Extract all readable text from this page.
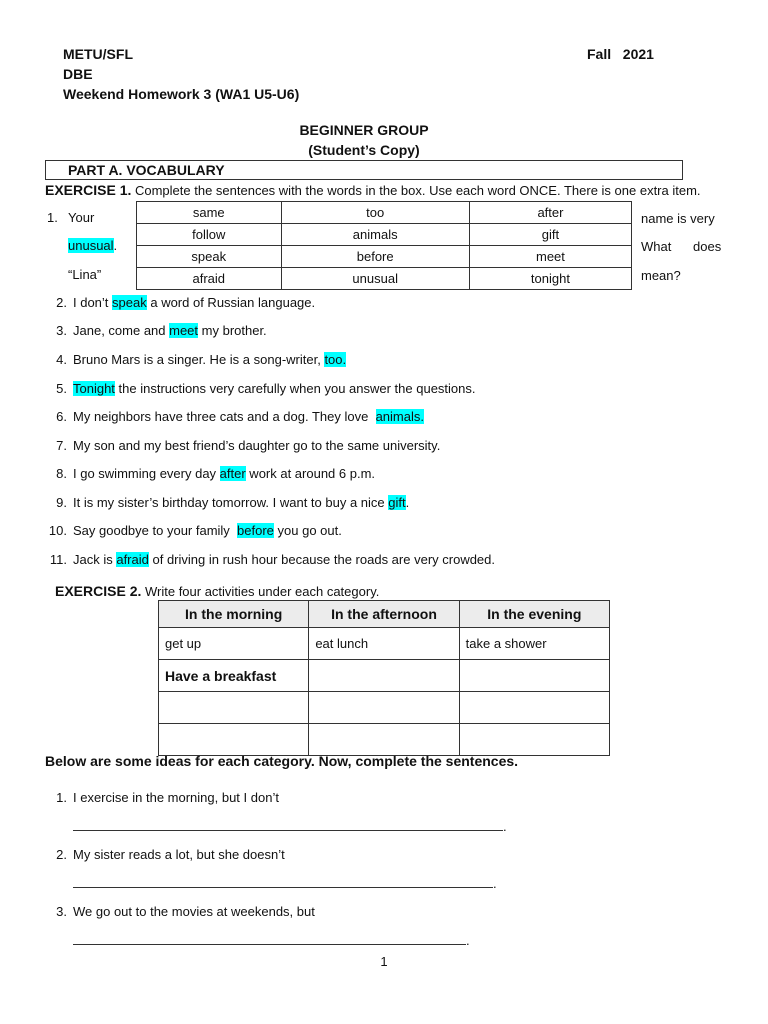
METU/SFL
DBE
Weekend Homework 3 (WA1 U5-U6)
Fall   2021
BEGINNER GROUP
(Student’s Copy)
PART A. VOCABULARY
EXERCISE 1. Complete the sentences with the words in the box. Use each word ONCE. There is one extra item.
same	too	after
follow	animals	gift
speak	before	meet
afraid	unusual	tonight
1. Your
unusual.
“Lina”
name is very
What does
mean?
2. I don’t speak a word of Russian language.
3. Jane, come and meet my brother.
4. Bruno Mars is a singer. He is a song-writer, too.
5. Tonight the instructions very carefully when you answer the questions.
6. My neighbors have three cats and a dog. They love  animals.
7. My son and my best friend’s daughter go to the same university.
8. I go swimming every day after work at around 6 p.m.
9. It is my sister’s birthday tomorrow. I want to buy a nice gift.
10. Say goodbye to your family  before you go out.
11. Jack is afraid of driving in rush hour because the roads are very crowded.
EXERCISE 2. Write four activities under each category.
In the morning	In the afternoon	In the evening
get up	eat lunch	take a shower
Have a breakfast		

Below are some ideas for each category. Now, complete the sentences.
1. I exercise in the morning, but I don’t
.
2. My sister reads a lot, but she doesn’t
.
3. We go out to the movies at weekends, but
.
1
